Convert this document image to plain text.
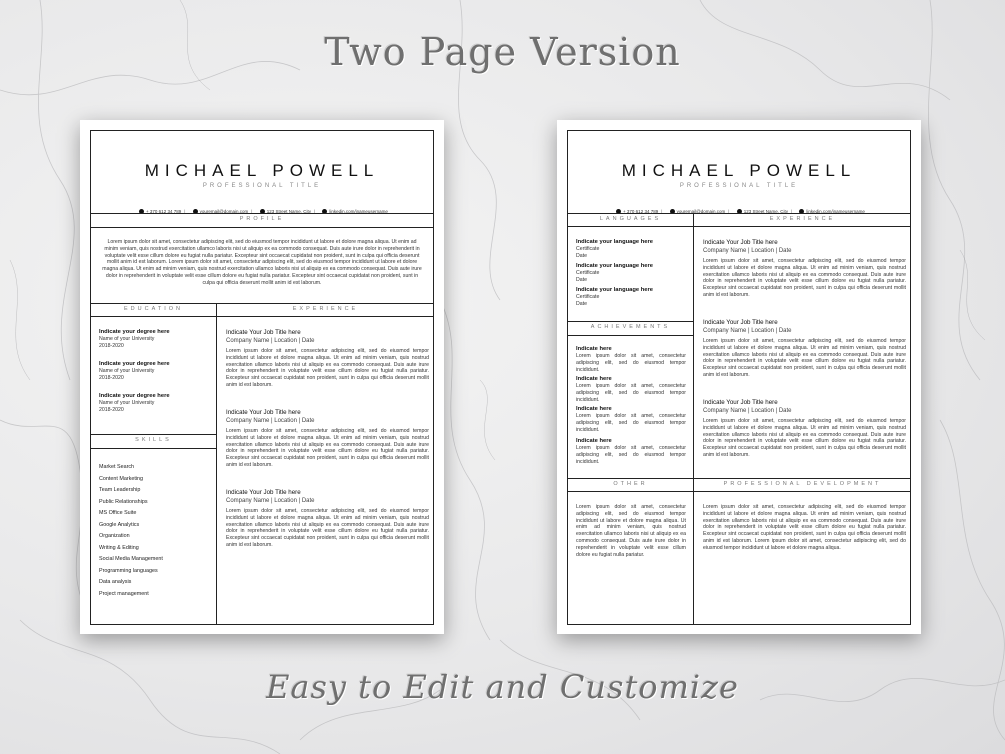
Two Page Version
Easy to Edit and Customize
MICHAEL POWELL
PROFESSIONAL TITLE
+ 370 612 34 789 |	youremail@domain.com |	123 Street Name, City |	linkedin.com/inameusername
PROFILE

Lorem ipsum dolor sit amet, consectetur adipiscing elit, sed do eiusmod tempor incididunt ut labore et dolore magna aliqua. Ut enim ad minim veniam, quis nostrud exercitation ullamco laboris nisi ut aliquip ex ea commodo consequat. Duis aute irure dolor in reprehenderit in voluptate velit esse cillum dolore eu fugiat nulla pariatur. Excepteur sint occaecat cupidatat non proident, sunt in culpa qui officia deserunt mollit anim id est laborum. Lorem ipsum dolor sit amet, consectetur adipiscing elit, sed do eiusmod tempor incididunt ut labore et dolore magna aliqua. Ut enim ad minim veniam, quis nostrud exercitation ullamco laboris nisi ut aliquip ex ea commodo consequat. Duis aute irure dolor in reprehenderit in voluptate velit esse cillum dolore eu fugiat nulla pariatur. Excepteur sint occaecat cupidatat non proident, sunt in culpa qui officia deserunt mollit anim id est laborum.

EDUCATION	EXPERIENCE
Indicate your degree here
Name of your University
2018-2020
Indicate your degree here
Name of your University
2018-2020
Indicate your degree here
Name of your University
2018-2020
SKILLS
Market Search
Content Marketing
Team Leadership
Public Relationships
MS Office Suite
Google Analytics
Organization
Writing & Editing
Social Media Management
Programming languages
Data analysis
Project management
Indicate Your Job Title here
Company Name | Location | Date

Lorem ipsum dolor sit amet, consectetur adipiscing elit, sed do eiusmod tempor incididunt ut labore et dolore magna aliqua. Ut enim ad minim veniam, quis nostrud exercitation ullamco laboris nisi ut aliquip ex ea commodo consequat. Duis aute irure dolor in reprehenderit in voluptate velit esse cillum dolore eu fugiat nulla pariatur. Excepteur sint occaecat cupidatat non proident, sunt in culpa qui officia deserunt mollit anim id est laborum.

Indicate Your Job Title here
Company Name | Location | Date

Lorem ipsum dolor sit amet, consectetur adipiscing elit, sed do eiusmod tempor incididunt ut labore et dolore magna aliqua. Ut enim ad minim veniam, quis nostrud exercitation ullamco laboris nisi ut aliquip ex ea commodo consequat. Duis aute irure dolor in reprehenderit in voluptate velit esse cillum dolore eu fugiat nulla pariatur. Excepteur sint occaecat cupidatat non proident, sunt in culpa qui officia deserunt mollit anim id est laborum.

Indicate Your Job Title here
Company Name | Location | Date

Lorem ipsum dolor sit amet, consectetur adipiscing elit, sed do eiusmod tempor incididunt ut labore et dolore magna aliqua. Ut enim ad minim veniam, quis nostrud exercitation ullamco laboris nisi ut aliquip ex ea commodo consequat. Duis aute irure dolor in reprehenderit in voluptate velit esse cillum dolore eu fugiat nulla pariatur. Excepteur sint occaecat cupidatat non proident, sunt in culpa qui officia deserunt mollit anim id est laborum.

MICHAEL POWELL
PROFESSIONAL TITLE
+ 370 612 34 789 |	youremail@domain.com |	123 Street Name, City |	linkedin.com/inameusername
LANGUAGES	EXPERIENCE
Indicate your language here
Certificate
Date
Indicate your language here
Certificate
Date
Indicate your language here
Certificate
Date
ACHIEVEMENTS
Indicate here

Lorem ipsum dolor sit amet, consectetur adipiscing elit, sed do eiusmod tempor incididunt.

Indicate here

Lorem ipsum dolor sit amet, consectetur adipiscing elit, sed do eiusmod tempor incididunt.

Indicate here

Lorem ipsum dolor sit amet, consectetur adipiscing elit, sed do eiusmod tempor incididunt.

Indicate here

Lorem ipsum dolor sit amet, consectetur adipiscing elit, sed do eiusmod tempor incididunt.

Indicate Your Job Title here
Company Name | Location | Date

Lorem ipsum dolor sit amet, consectetur adipiscing elit, sed do eiusmod tempor incididunt ut labore et dolore magna aliqua. Ut enim ad minim veniam, quis nostrud exercitation ullamco laboris nisi ut aliquip ex ea commodo consequat. Duis aute irure dolor in reprehenderit in voluptate velit esse cillum dolore eu fugiat nulla pariatur. Excepteur sint occaecat cupidatat non proident, sunt in culpa qui officia deserunt mollit anim id est laborum.

Indicate Your Job Title here
Company Name | Location | Date

Lorem ipsum dolor sit amet, consectetur adipiscing elit, sed do eiusmod tempor incididunt ut labore et dolore magna aliqua. Ut enim ad minim veniam, quis nostrud exercitation ullamco laboris nisi ut aliquip ex ea commodo consequat. Duis aute irure dolor in reprehenderit in voluptate velit esse cillum dolore eu fugiat nulla pariatur. Excepteur sint occaecat cupidatat non proident, sunt in culpa qui officia deserunt mollit anim id est laborum.

Indicate Your Job Title here
Company Name | Location | Date

Lorem ipsum dolor sit amet, consectetur adipiscing elit, sed do eiusmod tempor incididunt ut labore et dolore magna aliqua. Ut enim ad minim veniam, quis nostrud exercitation ullamco laboris nisi ut aliquip ex ea commodo consequat. Duis aute irure dolor in reprehenderit in voluptate velit esse cillum dolore eu fugiat nulla pariatur. Excepteur sint occaecat cupidatat non proident, sunt in culpa qui officia deserunt mollit anim id est laborum.

OTHER	PROFESSIONAL DEVELOPMENT

Lorem ipsum dolor sit amet, consectetur adipiscing elit, sed do eiusmod tempor incididunt ut labore et dolore magna aliqua. Ut enim ad minim veniam, quis nostrud exercitation ullamco laboris nisi ut aliquip ex ea commodo consequat. Duis aute irure dolor in reprehenderit in voluptate velit esse cillum dolore eu fugiat nulla pariatur.

Lorem ipsum dolor sit amet, consectetur adipiscing elit, sed do eiusmod tempor incididunt ut labore et dolore magna aliqua. Ut enim ad minim veniam, quis nostrud exercitation ullamco laboris nisi ut aliquip ex ea commodo consequat. Duis aute irure dolor in reprehenderit in voluptate velit esse cillum dolore eu fugiat nulla pariatur. Excepteur sint occaecat cupidatat non proident, sunt in culpa qui officia deserunt mollit anim id est laborum. Lorem ipsum dolor sit amet, consectetur adipiscing elit, sed do eiusmod tempor incididunt ut labore et dolore magna aliqua.
